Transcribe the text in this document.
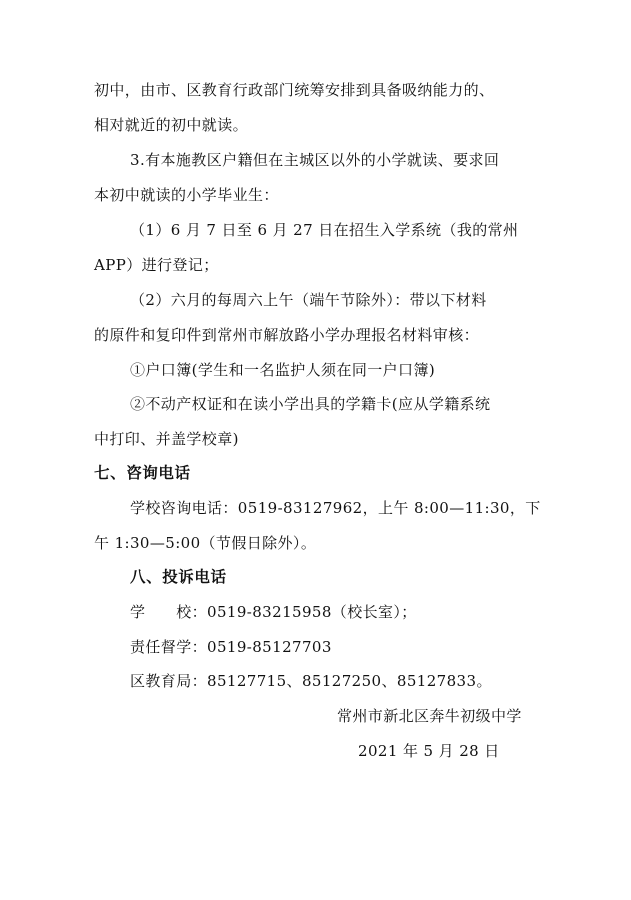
初中，由市、区教育行政部门统筹安排到具备吸纳能力的、
相对就近的初中就读。
3.有本施教区户籍但在主城区以外的小学就读、要求回
本初中就读的小学毕业生：
（1）6 月 7 日至 6 月 27 日在招生入学系统（我的常州
APP）进行登记；
（2）六月的每周六上午（端午节除外）：带以下材料
的原件和复印件到常州市解放路小学办理报名材料审核：
①户口簿(学生和一名监护人须在同一户口簿)
②不动产权证和在读小学出具的学籍卡(应从学籍系统
中打印、并盖学校章)
七、咨询电话
学校咨询电话：0519-83127962，上午 8:00—11:30，下
午 1:30—5:00（节假日除外）。
八、投诉电话
学　　校：0519-83215958（校长室）；
责任督学：0519-85127703
区教育局：85127715、85127250、85127833。
常州市新北区奔牛初级中学
2021 年 5 月 28 日
